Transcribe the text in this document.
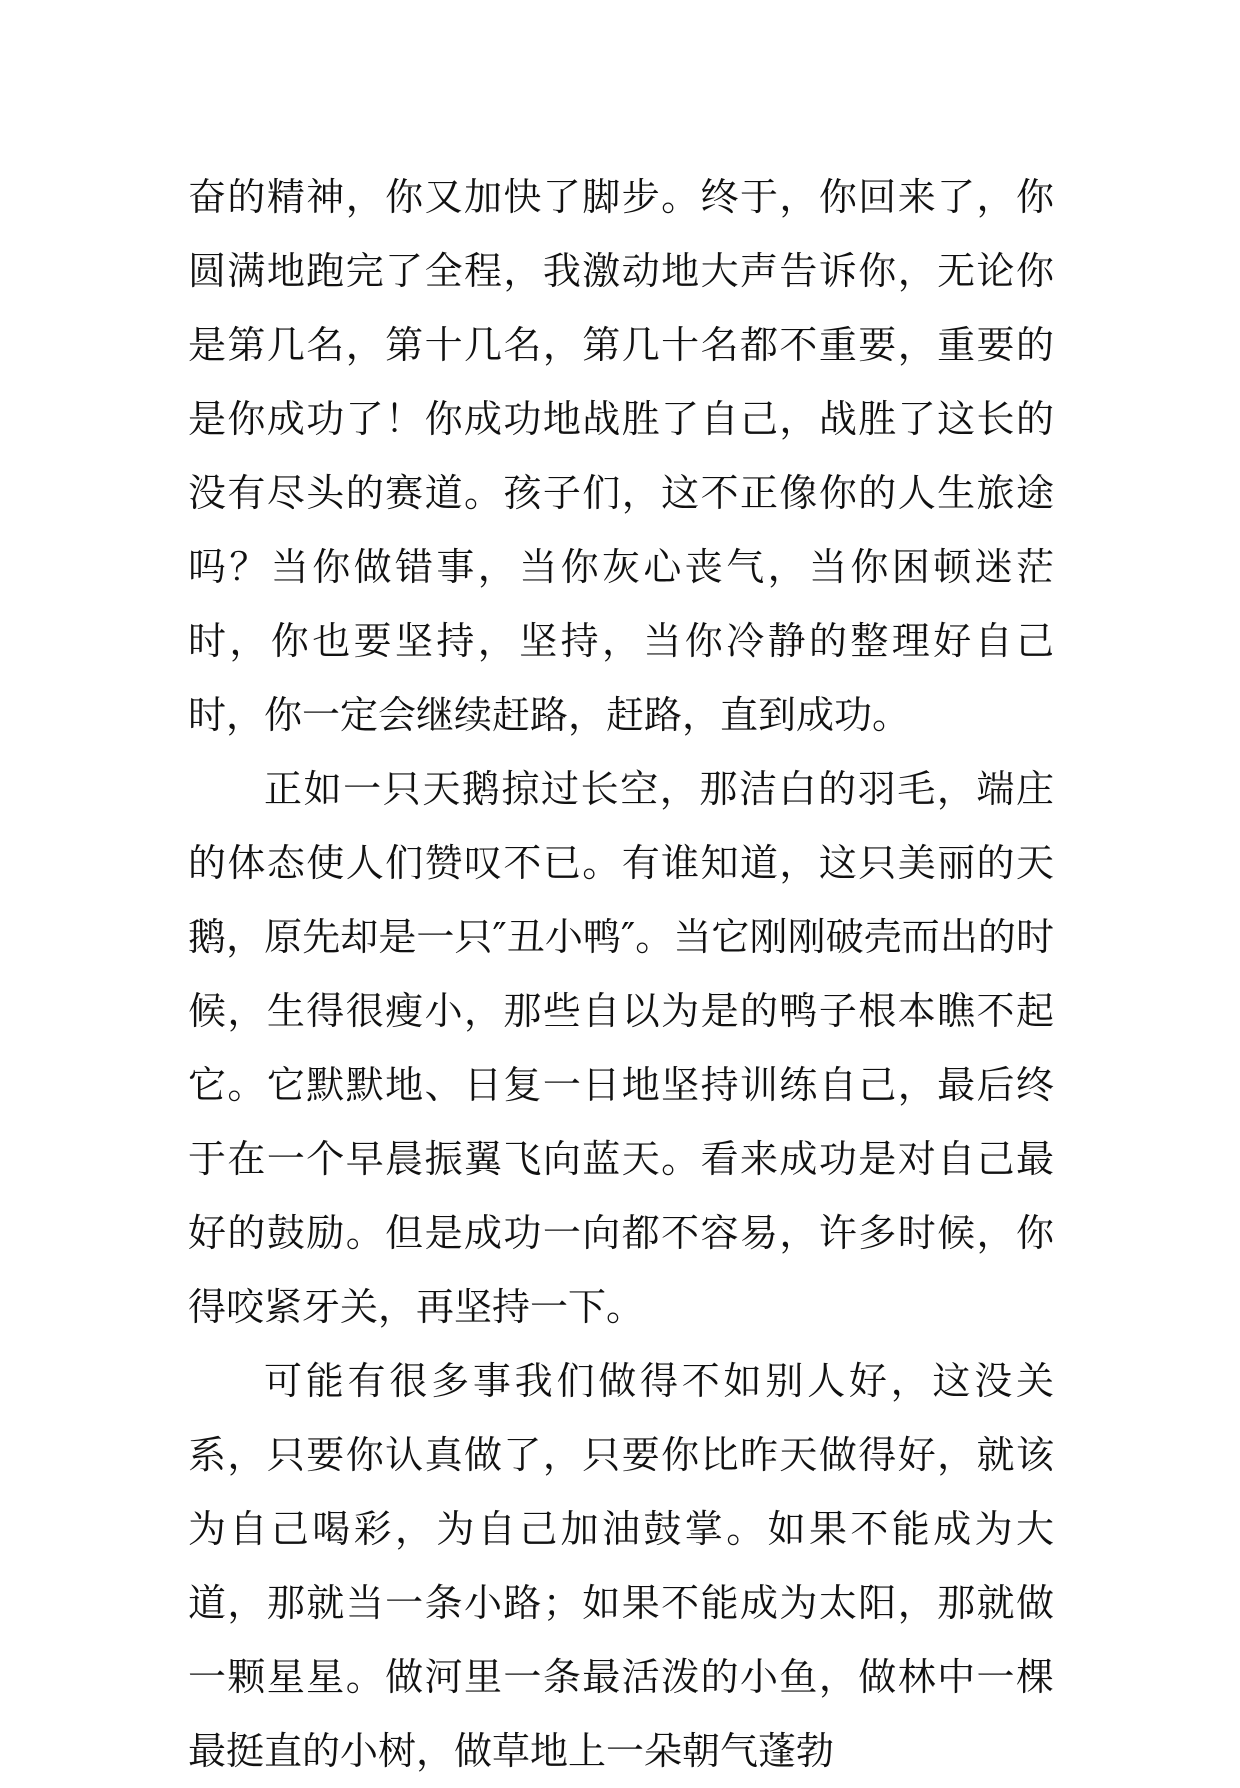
奋的精神，你又加快了脚步。终于，你回来了，你圆满地跑完了全程，我激动地大声告诉你，无论你是第几名，第十几名，第几十名都不重要，重要的是你成功了！你成功地战胜了自己，战胜了这长的没有尽头的赛道。孩子们，这不正像你的人生旅途吗？当你做错事，当你灰心丧气，当你困顿迷茫时，你也要坚持，坚持，当你冷静的整理好自己时，你一定会继续赶路，赶路，直到成功。

正如一只天鹅掠过长空，那洁白的羽毛，端庄的体态使人们赞叹不已。有谁知道，这只美丽的天鹅，原先却是一只″丑小鸭″。当它刚刚破壳而出的时候，生得很瘦小，那些自以为是的鸭子根本瞧不起它。它默默地、日复一日地坚持训练自己，最后终于在一个早晨振翼飞向蓝天。看来成功是对自己最好的鼓励。但是成功一向都不容易，许多时候，你得咬紧牙关，再坚持一下。

可能有很多事我们做得不如别人好，这没关系，只要你认真做了，只要你比昨天做得好，就该为自己喝彩，为自己加油鼓掌。如果不能成为大道，那就当一条小路；如果不能成为太阳，那就做一颗星星。做河里一条最活泼的小鱼，做林中一棵最挺直的小树，做草地上一朵朝气蓬勃
